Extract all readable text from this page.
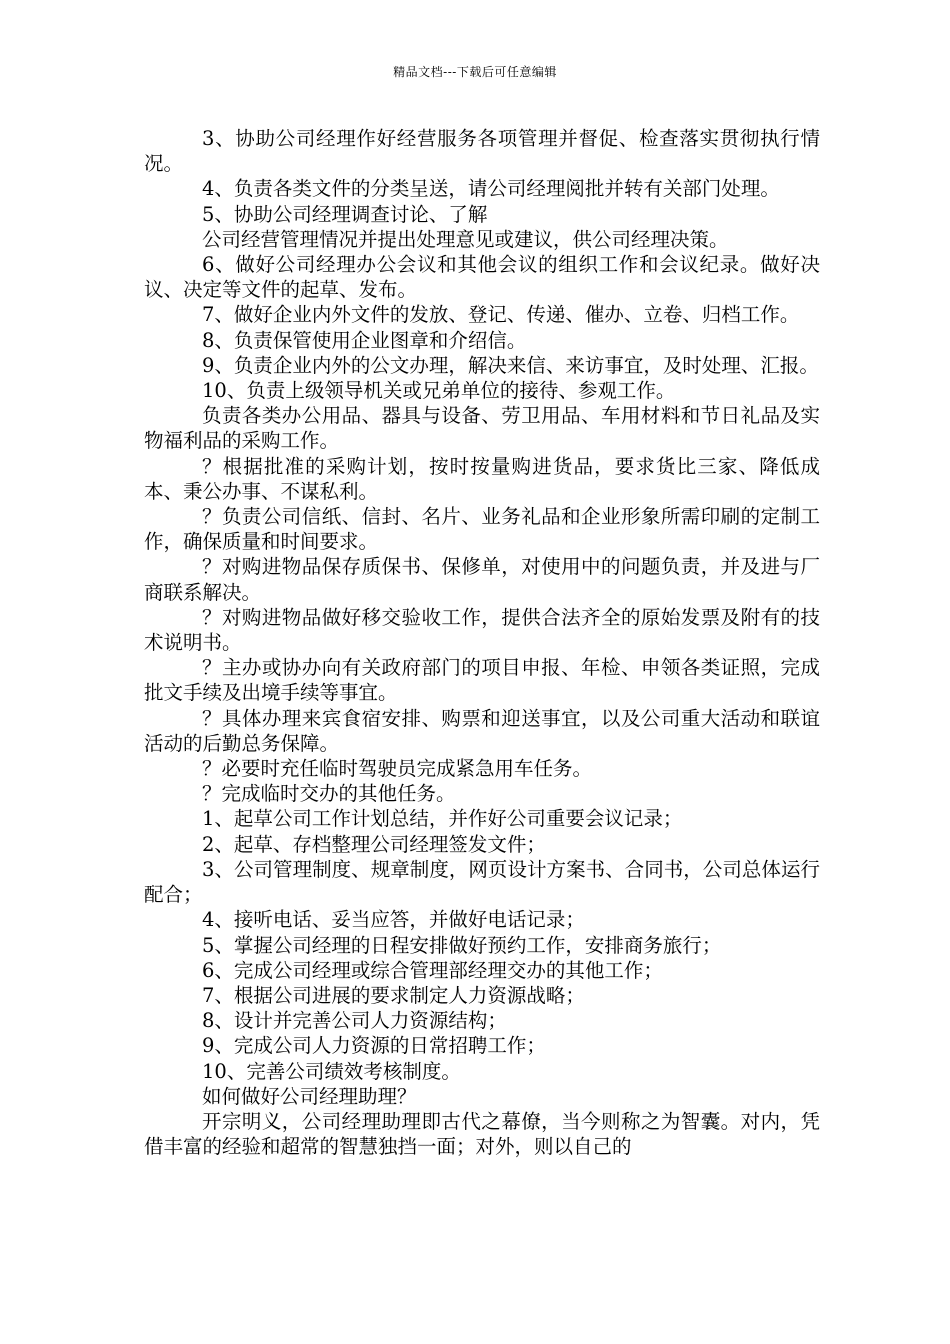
精品文档---下载后可任意编辑

3、协助公司经理作好经营服务各项管理并督促、检查落实贯彻执行情况。

4、负责各类文件的分类呈送，请公司经理阅批并转有关部门处理。

5、协助公司经理调查讨论、了解

公司经营管理情况并提出处理意见或建议，供公司经理决策。

6、做好公司经理办公会议和其他会议的组织工作和会议纪录。做好决议、决定等文件的起草、发布。

7、做好企业内外文件的发放、登记、传递、催办、立卷、归档工作。

8、负责保管使用企业图章和介绍信。

9、负责企业内外的公文办理，解决来信、来访事宜，及时处理、汇报。

10、负责上级领导机关或兄弟单位的接待、参观工作。

负责各类办公用品、器具与设备、劳卫用品、车用材料和节日礼品及实物福利品的采购工作。

？根据批准的采购计划，按时按量购进货品，要求货比三家、降低成本、秉公办事、不谋私利。

？负责公司信纸、信封、名片、业务礼品和企业形象所需印刷的定制工作，确保质量和时间要求。

？对购进物品保存质保书、保修单，对使用中的问题负责，并及进与厂商联系解决。

？对购进物品做好移交验收工作，提供合法齐全的原始发票及附有的技术说明书。

？主办或协办向有关政府部门的项目申报、年检、申领各类证照，完成批文手续及出境手续等事宜。

？具体办理来宾食宿安排、购票和迎送事宜，以及公司重大活动和联谊活动的后勤总务保障。

？必要时充任临时驾驶员完成紧急用车任务。

？完成临时交办的其他任务。

1、起草公司工作计划总结，并作好公司重要会议记录；

2、起草、存档整理公司经理签发文件；

3、公司管理制度、规章制度，网页设计方案书、合同书，公司总体运行配合；

4、接听电话、妥当应答，并做好电话记录；

5、掌握公司经理的日程安排做好预约工作，安排商务旅行；

6、完成公司经理或综合管理部经理交办的其他工作；

7、根据公司进展的要求制定人力资源战略；

8、设计并完善公司人力资源结构；

9、完成公司人力资源的日常招聘工作；

10、完善公司绩效考核制度。

如何做好公司经理助理？

开宗明义，公司经理助理即古代之幕僚，当今则称之为智囊。对内，凭借丰富的经验和超常的智慧独挡一面；对外，则以自己的
